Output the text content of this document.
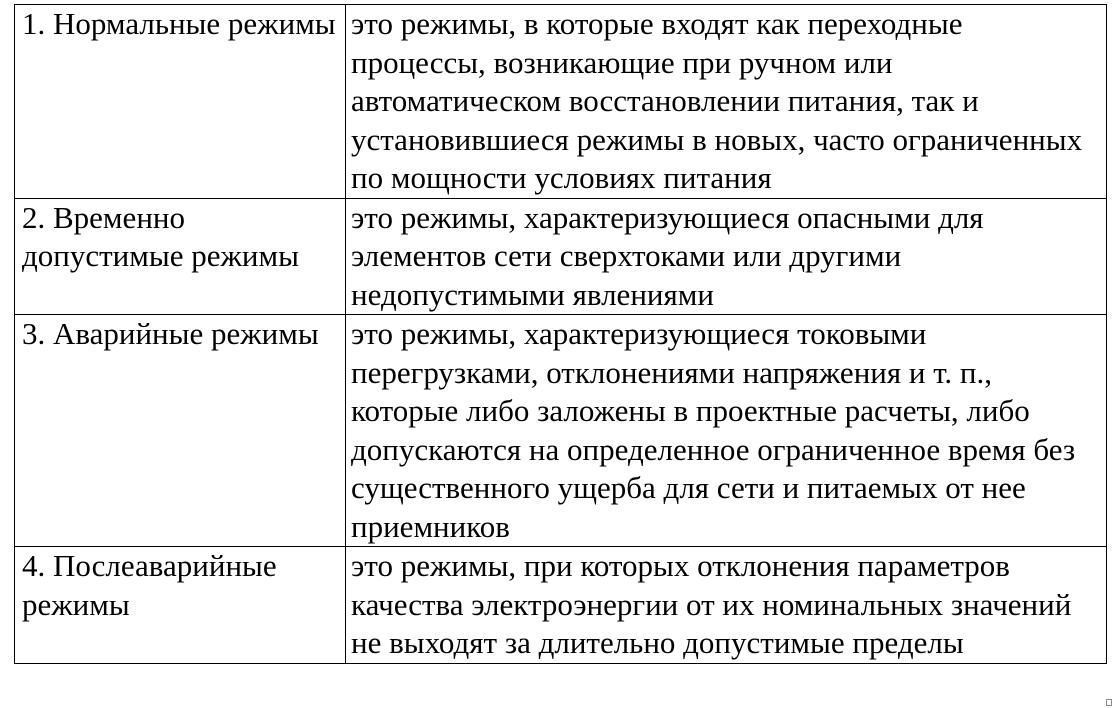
1. Нормальные режимы	это режимы, в которые входят как переходные процессы, возникающие при ручном или автоматическом восстановлении питания, так и установившиеся режимы в новых, часто ограниченных по мощности условиях питания

2. Временно допустимые режимы	это режимы, характеризующиеся опасными для элементов сети сверхтоками или другими недопустимыми явлениями

3. Аварийные режимы	это режимы, характеризующиеся токовыми перегрузками, отклонениями напряжения и т. п., которые либо заложены в проектные расчеты, либо допускаются на определенное ограниченное время без существенного ущерба для сети и питаемых от нее приемников

4. Послеаварийные режимы	это режимы, при которых отклонения параметров качества электроэнергии от их номинальных значений не выходят за длительно допустимые пределы
